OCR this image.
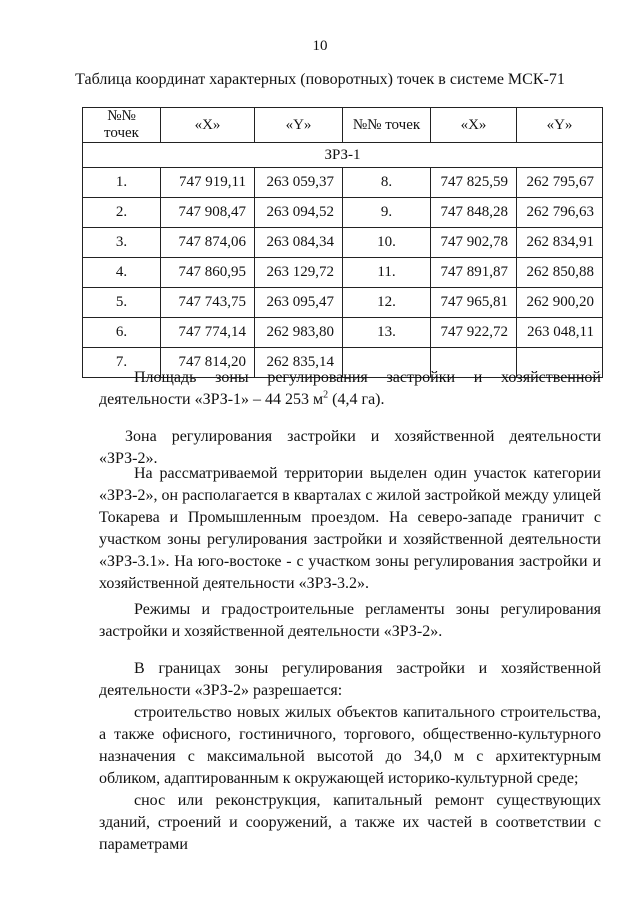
10
Таблица координат характерных (поворотных) точек в системе МСК-71
№№ точек	«X»	«Y»	№№ точек	«X»	«Y»
ЗРЗ-1					
1.	747 919,11	263 059,37	8.	747 825,59	262 795,67
2.	747 908,47	263 094,52	9.	747 848,28	262 796,63
3.	747 874,06	263 084,34	10.	747 902,78	262 834,91
4.	747 860,95	263 129,72	11.	747 891,87	262 850,88
5.	747 743,75	263 095,47	12.	747 965,81	262 900,20
6.	747 774,14	262 983,80	13.	747 922,72	263 048,11
7.	747 814,20	262 835,14			

Площадь зоны регулирования застройки и хозяйственной деятельности «ЗРЗ-1» – 44 253 $м^2$ (4,4 га).

Зона регулирования застройки и хозяйственной деятельности «ЗРЗ-2».

На рассматриваемой территории выделен один участок категории «ЗРЗ-2», он располагается в кварталах с жилой застройкой между улицей Токарева и Промышленным проездом. На северо-западе граничит с участком зоны регулирования застройки и хозяйственной деятельности «ЗРЗ-3.1». На юго-востоке - с участком зоны регулирования застройки и хозяйственной деятельности «ЗРЗ-3.2».

Режимы и градостроительные регламенты зоны регулирования застройки и хозяйственной деятельности «ЗРЗ-2».

В границах зоны регулирования застройки и хозяйственной деятельности «ЗРЗ-2» разрешается:

строительство новых жилых объектов капитального строительства, а также офисного, гостиничного, торгового, общественно-культурного назначения с максимальной высотой до 34,0 м с архитектурным обликом, адаптированным к окружающей историко-культурной среде;

снос или реконструкция, капитальный ремонт существующих зданий, строений и сооружений, а также их частей в соответствии с параметрами
